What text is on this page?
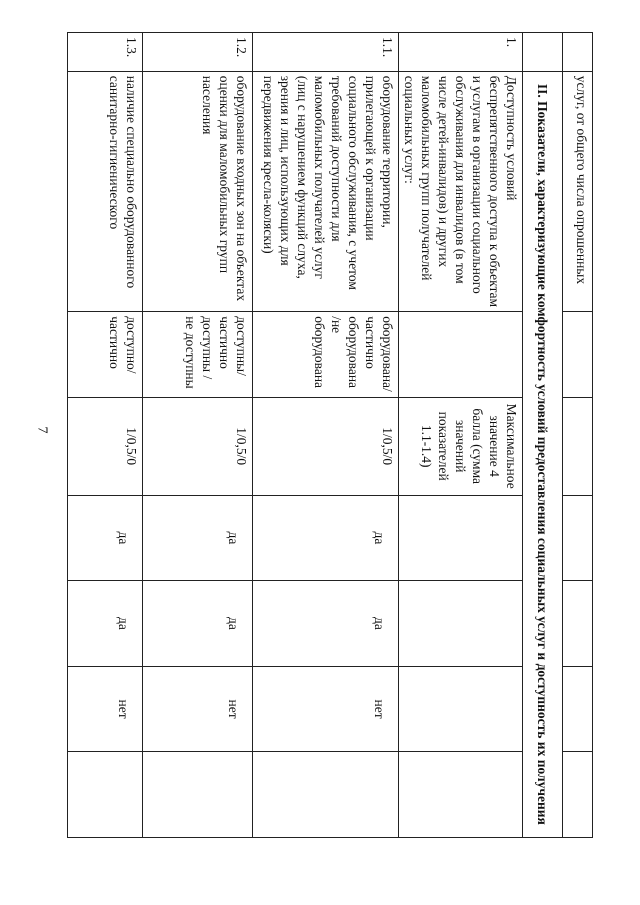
7
	услуг, от общего числа опрошенных						
	II. Показатели, характеризующие комфортность условий предоставления социальных услуг и доступность их получения						
1.	Доступность условий беспрепятственного доступа к объектам и услугам в организации социального обслуживания для инвалидов (в том числе детей-инвалидов) и других маломобильных групп получателей социальных услуг:		Максимальное значение 4 балла (сумма значений показателей 1.1-1.4)				
1.1.	оборудование территории, прилегающей к организации социального обслуживания, с учетом требований доступности для маломобильных получателей услуг (лиц с нарушением функций слуха, зрения и лиц, использующих для передвижения кресла-коляски)	оборудована/ частично оборудована /не оборудована	1/0,5/0	да	да	нет	
1.2.	оборудование входных зон на объектах оценки для маломобильных групп населения	доступны/ частично доступны / не доступны	1/0,5/0	да	да	нет	
1.3.	наличие специально оборудованного санитарно-гигиенического	доступно/ частично	1/0,5/0	да	да	нет	
